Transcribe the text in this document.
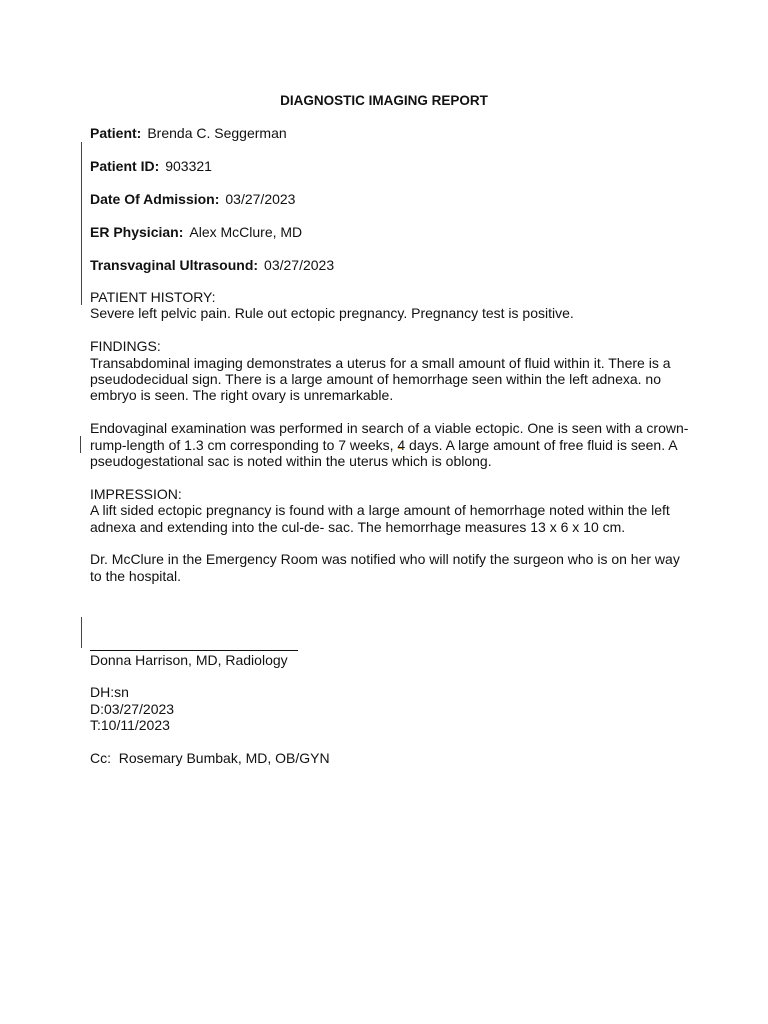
DIAGNOSTIC IMAGING REPORT
Patient: Brenda C. Seggerman
Patient ID: 903321
Date Of Admission: 03/27/2023
ER Physician: Alex McClure, MD
Transvaginal Ultrasound: 03/27/2023

PATIENT HISTORY:

Severe left pelvic pain. Rule out ectopic pregnancy. Pregnancy test is positive.

FINDINGS:

Transabdominal imaging demonstrates a uterus for a small amount of fluid within it. There is a pseudodecidual sign. There is a large amount of hemorrhage seen within the left adnexa. no embryo is seen. The right ovary is unremarkable.

Endovaginal examination was performed in search of a viable ectopic. One is seen with a crown-rump-length of 1.3 cm corresponding to 7 weeks, 4 days. A large amount of free fluid is seen. A pseudogestational sac is noted within the uterus which is oblong.

IMPRESSION:

A lift sided ectopic pregnancy is found with a large amount of hemorrhage noted within the left adnexa and extending into the cul-de- sac. The hemorrhage measures 13 x 6 x 10 cm.

Dr. McClure in the Emergency Room was notified who will notify the surgeon who is on her way to the hospital.

Donna Harrison, MD, Radiology

DH:sn

D:03/27/2023

T:10/11/2023

Cc:  Rosemary Bumbak, MD, OB/GYN
